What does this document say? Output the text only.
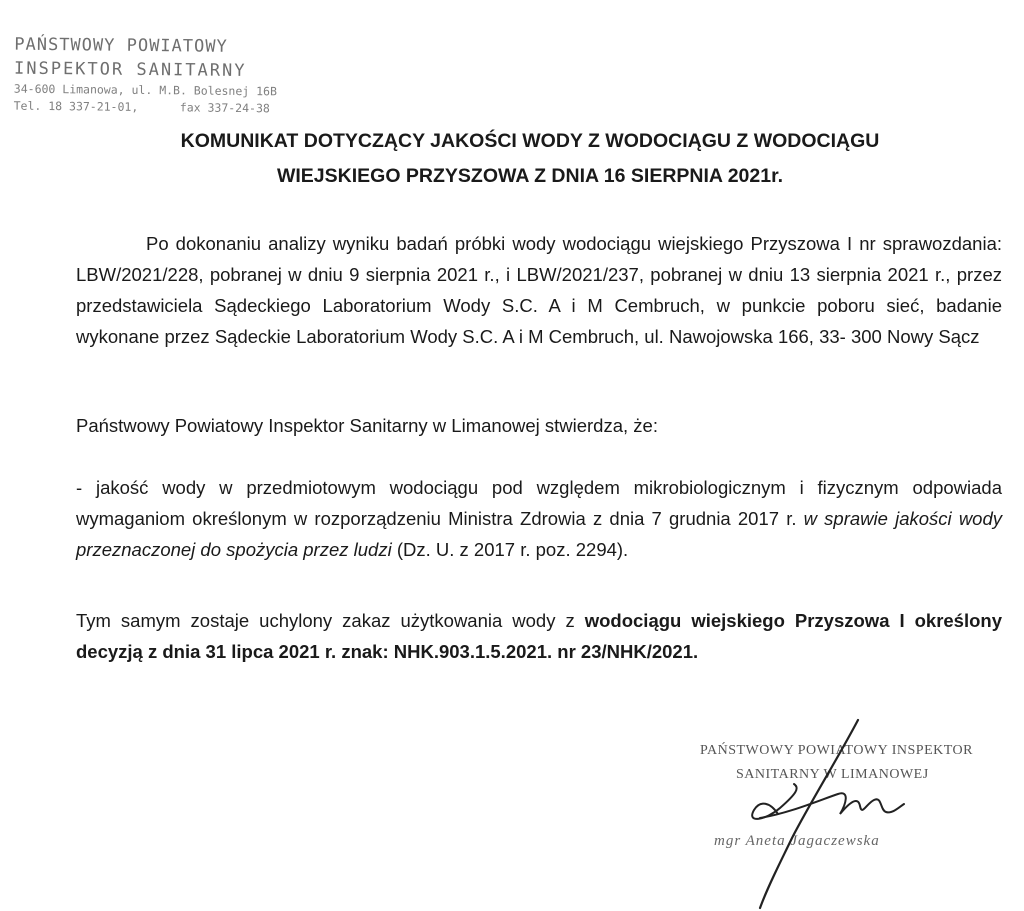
PAŃSTWOWY POWIATOWY
INSPEKTOR SANITARNY
34-600 Limanowa, ul. M.B. Bolesnej 16B
Tel. 18 337-21-01,      fax 337-24-38
KOMUNIKAT DOTYCZĄCY JAKOŚCI WODY Z WODOCIĄGU Z WODOCIĄGU
WIEJSKIEGO PRZYSZOWA Z DNIA 16 SIERPNIA 2021r.
Po dokonaniu analizy wyniku badań próbki wody wodociągu wiejskiego Przyszowa I nr sprawozdania: LBW/2021/228, pobranej w dniu 9 sierpnia 2021 r., i LBW/2021/237, pobranej w dniu 13 sierpnia 2021 r., przez przedstawiciela Sądeckiego Laboratorium Wody S.C. A i M Cembruch, w punkcie poboru sieć, badanie wykonane przez Sądeckie Laboratorium Wody S.C. A i M Cembruch, ul. Nawojowska 166, 33- 300 Nowy Sącz
Państwowy Powiatowy Inspektor Sanitarny w Limanowej stwierdza, że:
- jakość wody w przedmiotowym wodociągu pod względem mikrobiologicznym i fizycznym odpowiada wymaganiom określonym w rozporządzeniu Ministra Zdrowia z dnia 7 grudnia 2017 r. w sprawie jakości wody przeznaczonej do spożycia przez ludzi (Dz. U. z 2017 r. poz. 2294).
Tym samym zostaje uchylony zakaz użytkowania wody z wodociągu wiejskiego Przyszowa I określony decyzją z dnia 31 lipca 2021 r. znak: NHK.903.1.5.2021. nr 23/NHK/2021.
PAŃSTWOWY POWIATOWY INSPEKTOR
SANITARNY W LIMANOWEJ
mgr Aneta Jagaczewska
